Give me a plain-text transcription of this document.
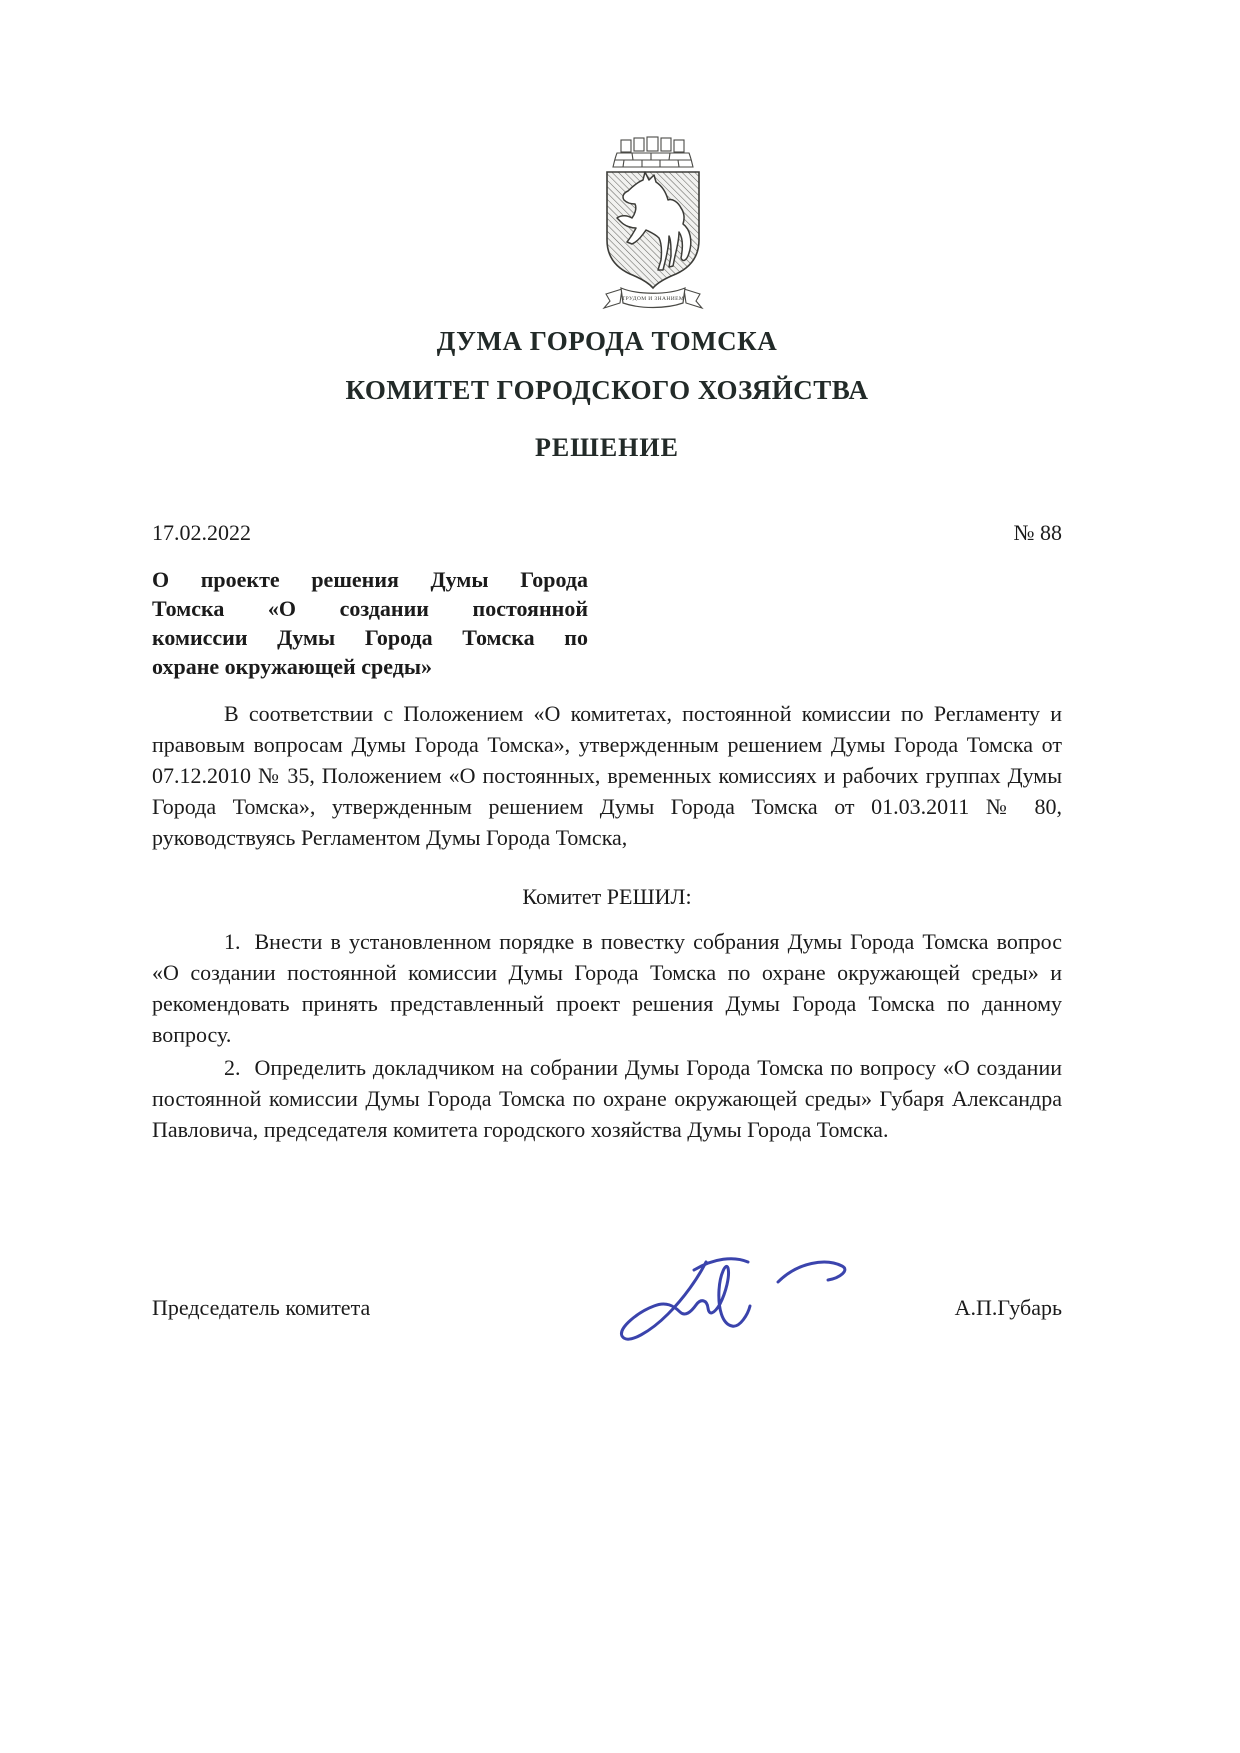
ТРУДОМ И ЗНАНИЕМ
ДУМА ГОРОДА ТОМСКА
КОМИТЕТ ГОРОДСКОГО ХОЗЯЙСТВА
РЕШЕНИЕ
17.02.2022	№ 88
О проекте решения Думы Города
Томска «О создании постоянной
комиссии Думы Города Томска по
охране окружающей среды»

В соответствии с Положением «О комитетах, постоянной комиссии по Регламенту и правовым вопросам Думы Города Томска», утвержденным решением Думы Города Томска от 07.12.2010 № 35, Положением «О постоянных, временных комиссиях и рабочих группах Думы Города Томска», утвержденным решением Думы Города Томска от 01.03.2011 № 80, руководствуясь Регламентом Думы Города Томска,

Комитет РЕШИЛ:

1. Внести в установленном порядке в повестку собрания Думы Города Томска вопрос «О создании постоянной комиссии Думы Города Томска по охране окружающей среды» и рекомендовать принять представленный проект решения Думы Города Томска по данному вопросу.

2. Определить докладчиком на собрании Думы Города Томска по вопросу «О создании постоянной комиссии Думы Города Томска по охране окружающей среды» Губаря Александра Павловича, председателя комитета городского хозяйства Думы Города Томска.

Председатель комитета	А.П.Губарь
